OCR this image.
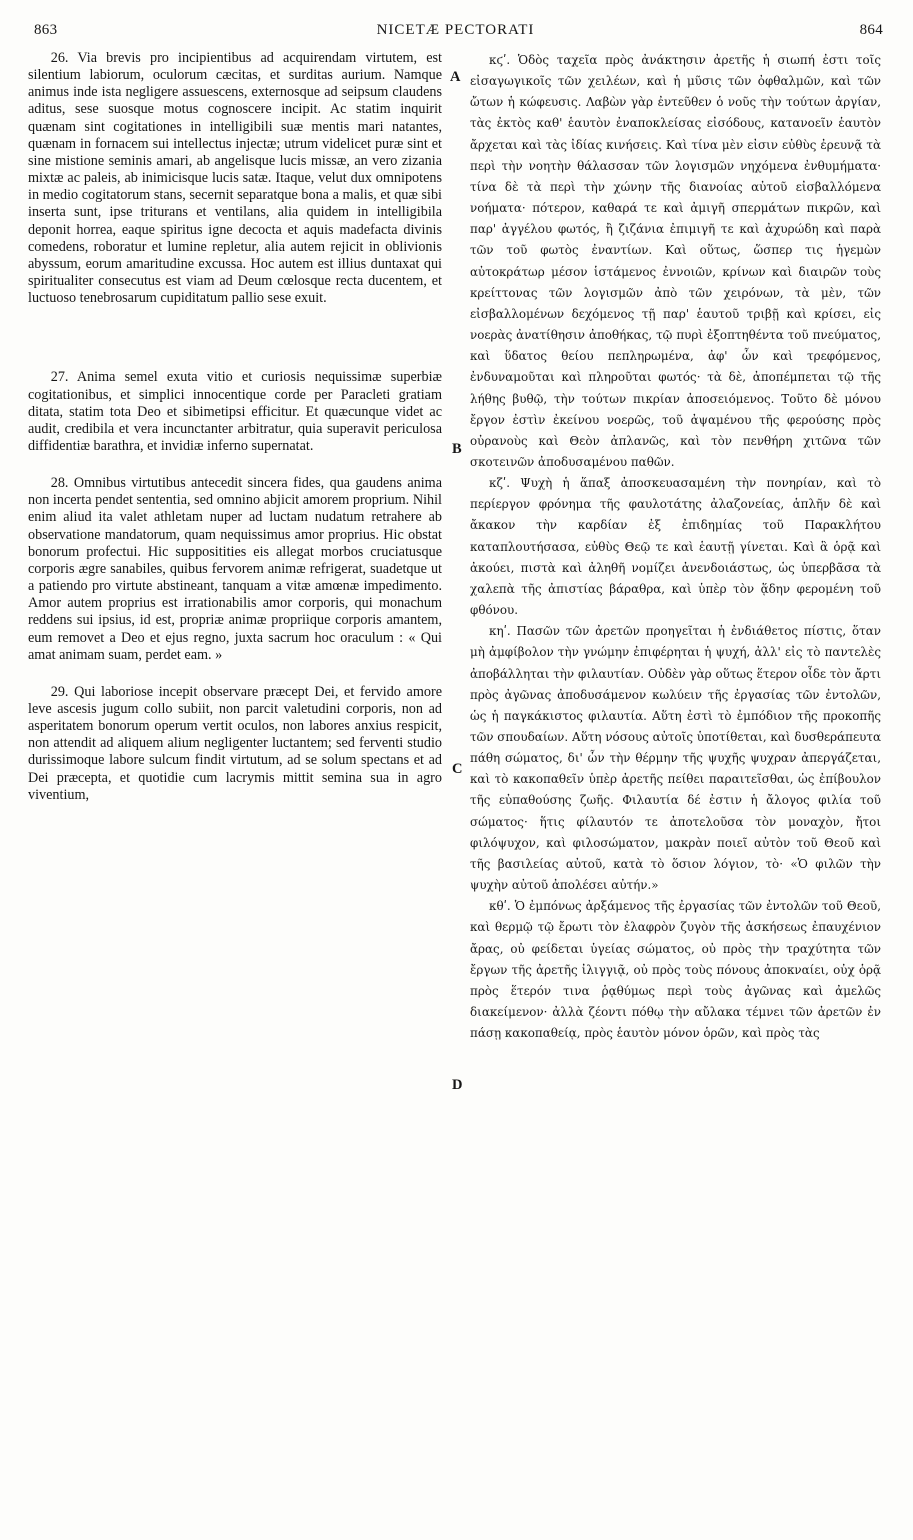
863	NICETÆ PECTORATI	864

26. Via brevis pro incipientibus ad acquirendam virtutem, est silentium labiorum, oculorum cæcitas, et surditas aurium. Namque animus inde ista negligere assuescens, externosque ad seipsum claudens aditus, sese suosque motus cognoscere incipit. Ac statim inquirit quænam sint cogitationes in intelligibili suæ mentis mari natantes, quænam in fornacem sui intellectus injectæ; utrum videlicet puræ sint et sine mistione seminis amari, ab angelisque lucis missæ, an vero zizania mixtæ ac paleis, ab inimicisque lucis satæ. Itaque, velut dux omnipotens in medio cogitatorum stans, secernit separatque bona a malis, et quæ sibi inserta sunt, ipse triturans et ventilans, alia quidem in intelligibila deponit horrea, eaque spiritus igne decocta et aquis madefacta divinis comedens, roboratur et lumine repletur, alia autem rejicit in oblivionis abyssum, eorum amaritudine excussa. Hoc autem est illius duntaxat qui spiritualiter consecutus est viam ad Deum cœlosque recta ducentem, et luctuoso tenebrosarum cupiditatum pallio sese exuit.

27. Anima semel exuta vitio et curiosis nequissimæ superbiæ cogitationibus, et simplici innocentique corde per Paracleti gratiam ditata, statim tota Deo et sibimetipsi efficitur. Et quæcunque videt ac audit, credibila et vera incunctanter arbitratur, quia superavit periculosa diffidentiæ barathra, et invidiæ inferno supernatat.

28. Omnibus virtutibus antecedit sincera fides, qua gaudens anima non incerta pendet sententia, sed omnino abjicit amorem proprium. Nihil enim aliud ita valet athletam nuper ad luctam nudatum retrahere ab observatione mandatorum, quam nequissimus amor proprius. Hic obstat bonorum profectui. Hic suppositities eis allegat morbos cruciatusque corporis ægre sanabiles, quibus fervorem animæ refrigerat, suadetque ut a patiendo pro virtute abstineant, tanquam a vitæ amœnæ impedimento. Amor autem proprius est irrationabilis amor corporis, qui monachum reddens sui ipsius, id est, propriæ animæ propriique corporis amantem, eum removet a Deo et ejus regno, juxta sacrum hoc oraculum : « Qui amat animam suam, perdet eam. »

29. Qui laboriose incepit observare præcept Dei, et fervido amore leve ascesis jugum collo subiit, non parcit valetudini corporis, non ad asperitatem bonorum operum vertit oculos, non labores anxius respicit, non attendit ad aliquem alium negligenter luctantem; sed ferventi studio durissimoque labore sulcum findit virtutum, ad se solum spectans et ad Dei præcepta, et quotidie cum lacrymis mittit semina sua in agro viventium,

κϛʹ. Ὁδὸς ταχεῖα πρὸς ἀνάκτησιν ἀρετῆς ἡ σιωπή ἐστι τοῖς εἰσαγωγικοῖς τῶν χειλέων, καὶ ἡ μῦσις τῶν ὀφθαλμῶν, καὶ τῶν ὤτων ἡ κώφευσις. Λαβὼν γὰρ ἐντεῦθεν ὁ νοῦς τὴν τούτων ἀργίαν, τὰς ἐκτὸς καθ' ἑαυτὸν ἐναποκλείσας εἰσόδους, κατανοεῖν ἑαυτὸν ἄρχεται καὶ τὰς ἰδίας κινήσεις. Καὶ τίνα μὲν εἰσιν εὐθὺς ἐρευνᾷ τὰ περὶ τὴν νοητὴν θάλασσαν τῶν λογισμῶν νηχόμενα ἐνθυμήματα· τίνα δὲ τὰ περὶ τὴν χώνην τῆς διανοίας αὐτοῦ εἰσβαλλόμενα νοήματα· πότερον, καθαρά τε καὶ ἀμιγῆ σπερμάτων πικρῶν, καὶ παρ' ἀγγέλου φωτός, ἢ ζιζάνια ἐπιμιγῆ τε καὶ ἀχυρώδη καὶ παρὰ τῶν τοῦ φωτὸς ἐναντίων. Καὶ οὕτως, ὥσπερ τις ἡγεμὼν αὐτοκράτωρ μέσον ἱστάμενος ἐννοιῶν, κρίνων καὶ διαιρῶν τοὺς κρείττονας τῶν λογισμῶν ἀπὸ τῶν χειρόνων, τὰ μὲν, τῶν εἰσβαλλομένων δεχόμενος τῇ παρ' ἑαυτοῦ τριβῇ καὶ κρίσει, εἰς νοερὰς ἀνατίθησιν ἀποθήκας, τῷ πυρὶ ἐξοπτηθέντα τοῦ πνεύματος, καὶ ὕδατος θείου πεπληρωμένα, ἀφ' ὧν καὶ τρεφόμενος, ἐνδυναμοῦται καὶ πληροῦται φωτός· τὰ δὲ, ἀποπέμπεται τῷ τῆς λήθης βυθῷ, τὴν τούτων πικρίαν ἀποσειόμενος. Τοῦτο δὲ μόνου ἔργον ἐστὶν ἐκείνου νοερῶς, τοῦ ἀψαμένου τῆς φερούσης πρὸς οὐρανοὺς καὶ Θεὸν ἀπλανῶς, καὶ τὸν πενθήρη χιτῶνα τῶν σκοτεινῶν ἀποδυσαμένου παθῶν.

κζʹ. Ψυχὴ ἡ ἅπαξ ἀποσκευασαμένη τὴν πονηρίαν, καὶ τὸ περίεργον φρόνημα τῆς φαυλοτάτης ἀλαζονείας, ἁπλῆν δὲ καὶ ἄκακον τὴν καρδίαν ἐξ ἐπιδημίας τοῦ Παρακλήτου καταπλουτήσασα, εὐθὺς Θεῷ τε καὶ ἑαυτῇ γίνεται. Καὶ ἃ ὁρᾷ καὶ ἀκούει, πιστὰ καὶ ἀληθῆ νομίζει ἀνενδοιάστως, ὡς ὑπερβᾶσα τὰ χαλεπὰ τῆς ἀπιστίας βάραθρα, καὶ ὑπὲρ τὸν ᾅδην φερομένη τοῦ φθόνου.

κηʹ. Πασῶν τῶν ἀρετῶν προηγεῖται ἡ ἐνδιάθετος πίστις, ὅταν μὴ ἀμφίβολον τὴν γνώμην ἐπιφέρηται ἡ ψυχή, ἀλλ' εἰς τὸ παντελὲς ἀποβάλληται τὴν φιλαυτίαν. Οὐδὲν γὰρ οὕτως ἕτερον οἶδε τὸν ἄρτι πρὸς ἀγῶνας ἀποδυσάμενον κωλύειν τῆς ἐργασίας τῶν ἐντολῶν, ὡς ἡ παγκάκιστος φιλαυτία. Αὕτη ἐστὶ τὸ ἐμπόδιον τῆς προκοπῆς τῶν σπουδαίων. Αὕτη νόσους αὐτοῖς ὑποτίθεται, καὶ δυσθεράπευτα πάθη σώματος, δι' ὧν τὴν θέρμην τῆς ψυχῆς ψυχραν ἀπεργάζεται, καὶ τὸ κακοπαθεῖν ὑπὲρ ἀρετῆς πείθει παραιτεῖσθαι, ὡς ἐπίβουλον τῆς εὐπαθούσης ζωῆς. Φιλαυτία δέ ἐστιν ἡ ἄλογος φιλία τοῦ σώματος· ἥτις φίλαυτόν τε ἀποτελοῦσα τὸν μοναχὸν, ἤτοι φιλόψυχον, καὶ φιλοσώματον, μακρὰν ποιεῖ αὐτὸν τοῦ Θεοῦ καὶ τῆς βασιλείας αὐτοῦ, κατὰ τὸ ὅσιον λόγιον, τὸ· «Ὁ φιλῶν τὴν ψυχὴν αὐτοῦ ἀπολέσει αὐτήν.»

κθʹ. Ὁ ἐμπόνως ἀρξάμενος τῆς ἐργασίας τῶν ἐντολῶν τοῦ Θεοῦ, καὶ θερμῷ τῷ ἔρωτι τὸν ἐλαφρὸν ζυγὸν τῆς ἀσκήσεως ἐπαυχένιον ἄρας, οὐ φείδεται ὑγείας σώματος, οὐ πρὸς τὴν τραχύτητα τῶν ἔργων τῆς ἀρετῆς ἰλιγγιᾷ, οὐ πρὸς τοὺς πόνους ἀποκναίει, οὐχ ὁρᾷ πρὸς ἕτερόν τινα ῥᾳθύμως περὶ τοὺς ἀγῶνας καὶ ἀμελῶς διακείμενον· ἀλλὰ ζέοντι πόθῳ τὴν αὔλακα τέμνει τῶν ἀρετῶν ἐν πάσῃ κακοπαθείᾳ, πρὸς ἑαυτὸν μόνον ὁρῶν, καὶ πρὸς τὰς

A
B
C
D
